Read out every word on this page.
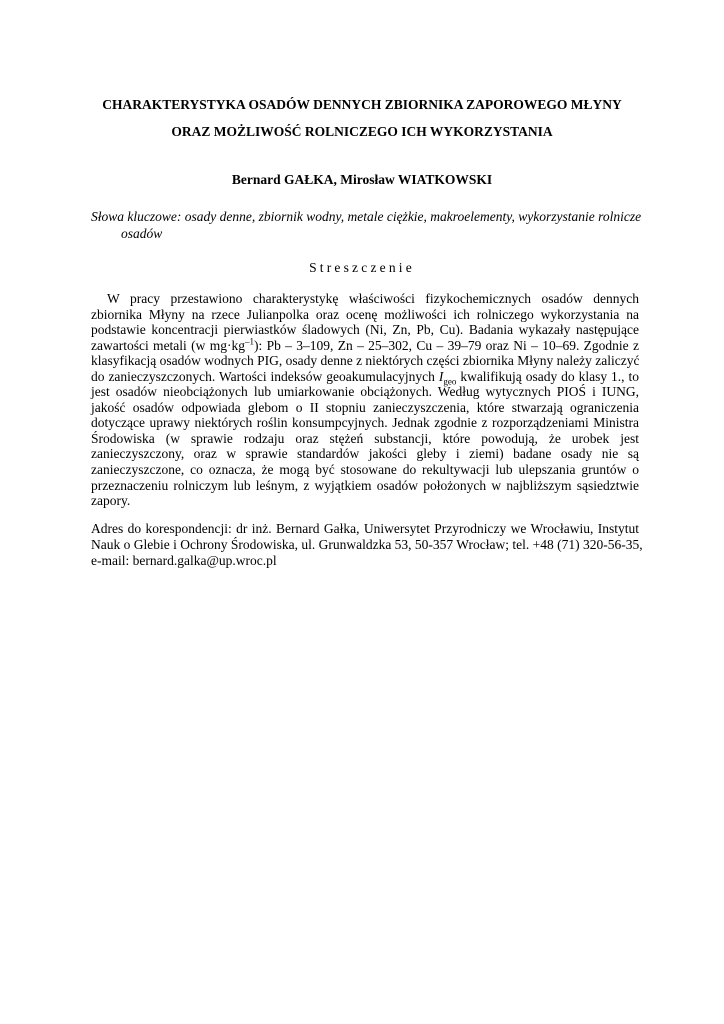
CHARAKTERYSTYKA OSADÓW DENNYCH ZBIORNIKA ZAPOROWEGO MŁYNY
ORAZ MOŻLIWOŚĆ ROLNICZEGO ICH WYKORZYSTANIA

Bernard GAŁKA, Mirosław WIATKOWSKI

Słowa kluczowe: osady denne, zbiornik wodny, metale ciężkie, makroelementy, wykorzystanie rolnicze
osadów

Streszczenie

W pracy przestawiono charakterystykę właściwości fizykochemicznych osadów dennych
zbiornika Młyny na rzece Julianpolka oraz ocenę możliwości ich rolniczego wykorzystania na
podstawie koncentracji pierwiastków śladowych (Ni, Zn, Pb, Cu). Badania wykazały następujące
zawartości metali (w $mg\cdot kg^{-1}$): Pb – 3–109, Zn – 25–302, Cu – 39–79 oraz Ni – 10–69. Zgodnie z
klasyfikacją osadów wodnych PIG, osady denne z niektórych części zbiornika Młyny należy zaliczyć
do zanieczyszczonych. Wartości indeksów geoakumulacyjnych $I_{geo}$ kwalifikują osady do klasy 1., to
jest osadów nieobciążonych lub umiarkowanie obciążonych. Według wytycznych PIOŚ i IUNG,
jakość osadów odpowiada glebom o II stopniu zanieczyszczenia, które stwarzają ograniczenia
dotyczące uprawy niektórych roślin konsumpcyjnych. Jednak zgodnie z rozporządzeniami Ministra
Środowiska (w sprawie rodzaju oraz stężeń substancji, które powodują, że urobek jest
zanieczyszczony, oraz w sprawie standardów jakości gleby i ziemi) badane osady nie są
zanieczyszczone, co oznacza, że mogą być stosowane do rekultywacji lub ulepszania gruntów o
przeznaczeniu rolniczym lub leśnym, z wyjątkiem osadów położonych w najbliższym sąsiedztwie
zapory.
Adres do korespondencji: dr inż. Bernard Gałka, Uniwersytet Przyrodniczy we Wrocławiu, Instytut
Nauk o Glebie i Ochrony Środowiska, ul. Grunwaldzka 53, 50-357 Wrocław; tel. +48 (71) 320-56-35,
e-mail: bernard.galka@up.wroc.pl
